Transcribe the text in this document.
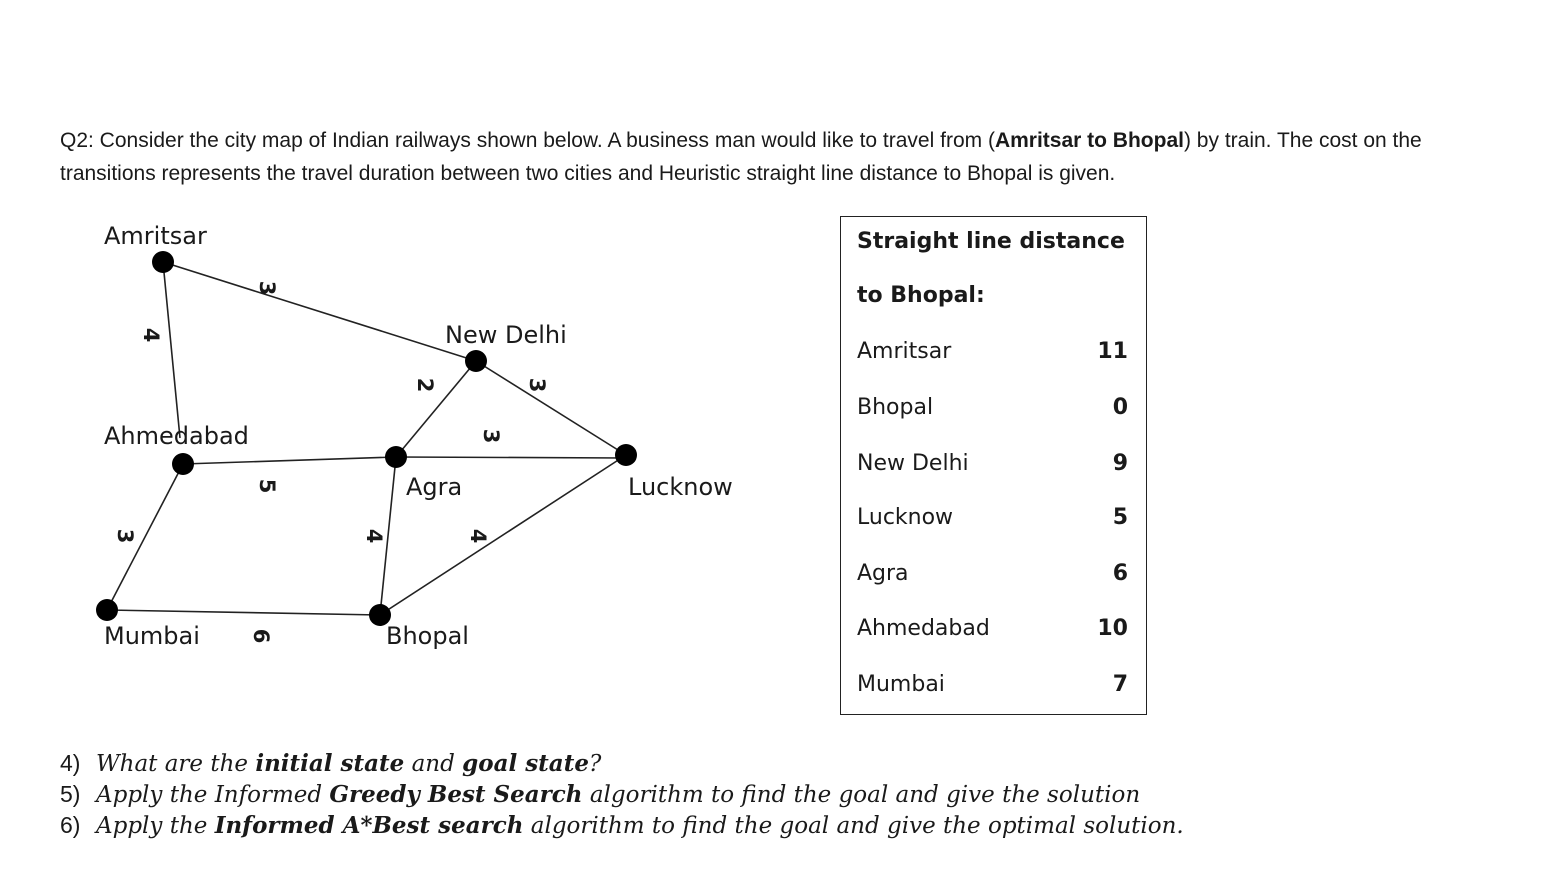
Q2: Consider the city map of Indian railways shown below. A business man would like to travel from (Amritsar to Bhopal) by train. The cost on the transitions represents the travel duration between two cities and Heuristic straight line distance to Bhopal is given.

Amritsar
New Delhi
Ahmedabad
Agra	Lucknow
Mumbai	Bhopal
3
4
2	3
3
5
3	4	4
6
Straight line distance
to Bhopal:
Amritsar	11
Bhopal	0
New Delhi	9
Lucknow	5
Agra	6
Ahmedabad	10
Mumbai	7
4) What are the initial state and goal state?
5) Apply the Informed Greedy Best Search algorithm to find the goal and give the solution
6) Apply the Informed A*Best search algorithm to find the goal and give the optimal solution.
